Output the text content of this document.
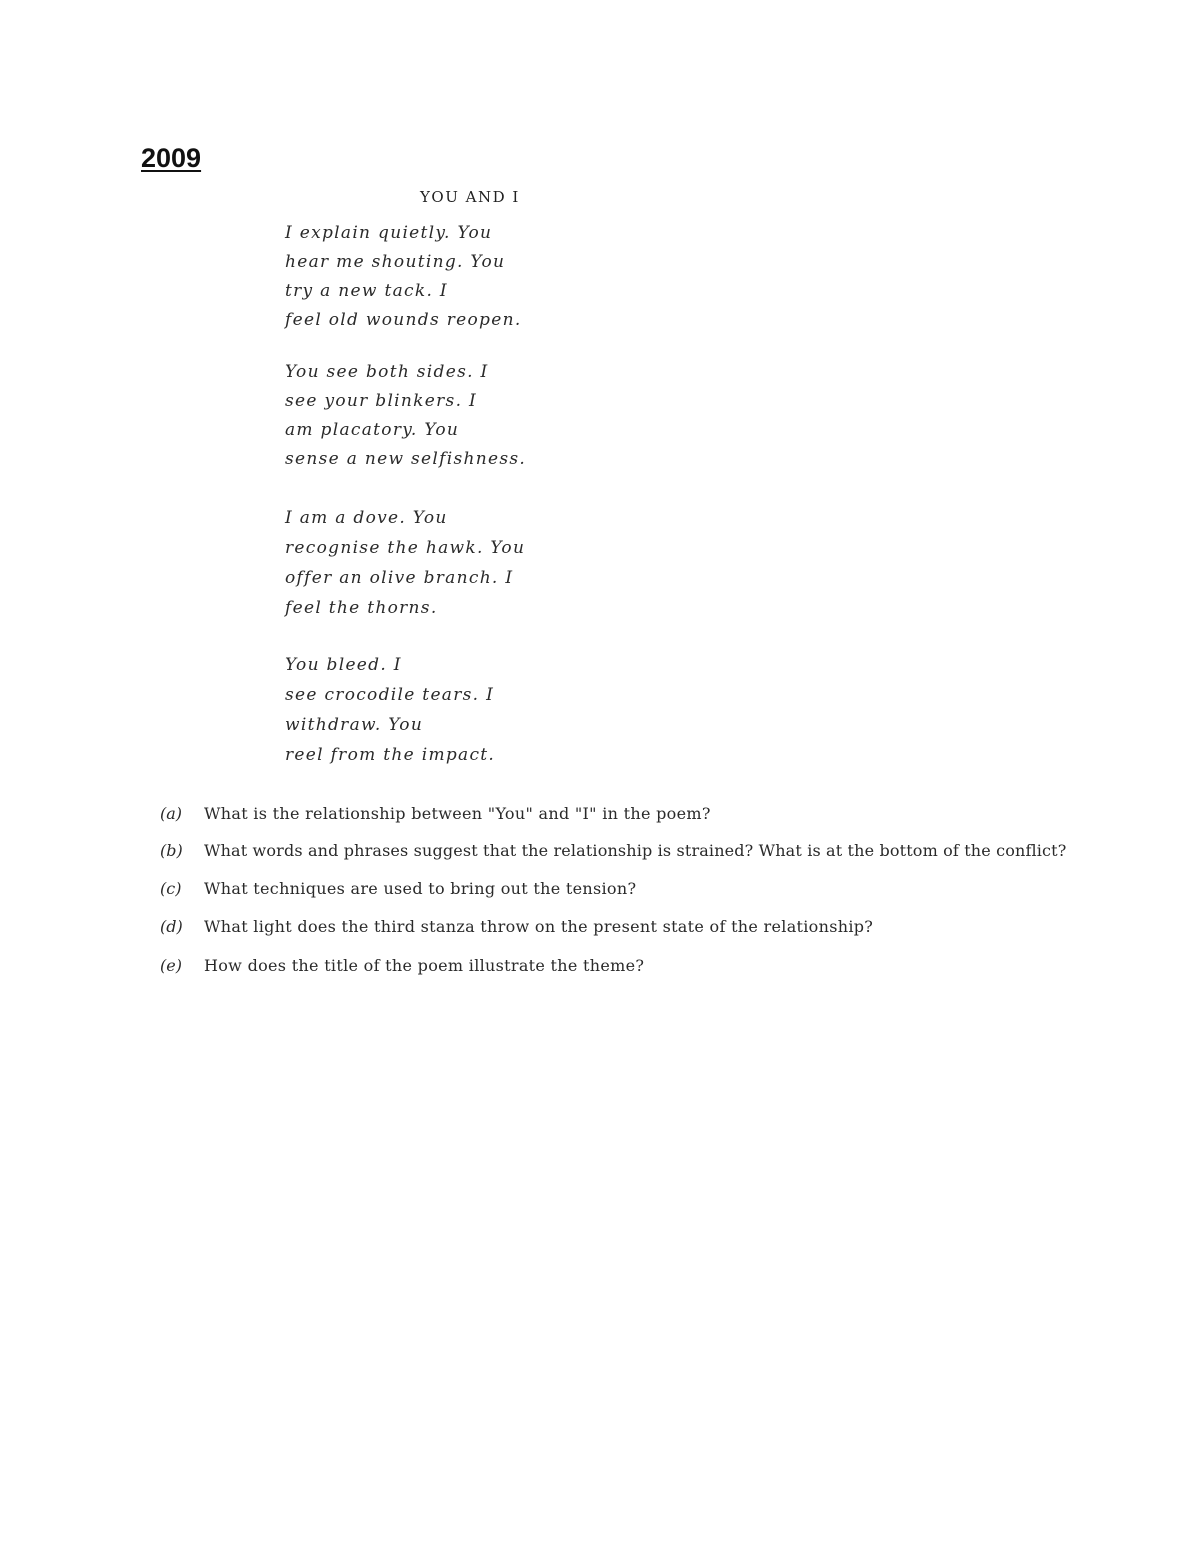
2009
YOU AND I
I explain quietly. You
hear me shouting. You
try a new tack. I
feel old wounds reopen.
You see both sides. I
see your blinkers. I
am placatory. You
sense a new selfishness.
I am a dove. You
recognise the hawk. You
offer an olive branch. I
feel the thorns.
You bleed. I
see crocodile tears. I
withdraw. You
reel from the impact.
(a) What is the relationship between "You" and "I" in the poem?
(b) What words and phrases suggest that the relationship is strained? What is at the bottom of the conflict?
(c) What techniques are used to bring out the tension?
(d) What light does the third stanza throw on the present state of the relationship?
(e) How does the title of the poem illustrate the theme?
